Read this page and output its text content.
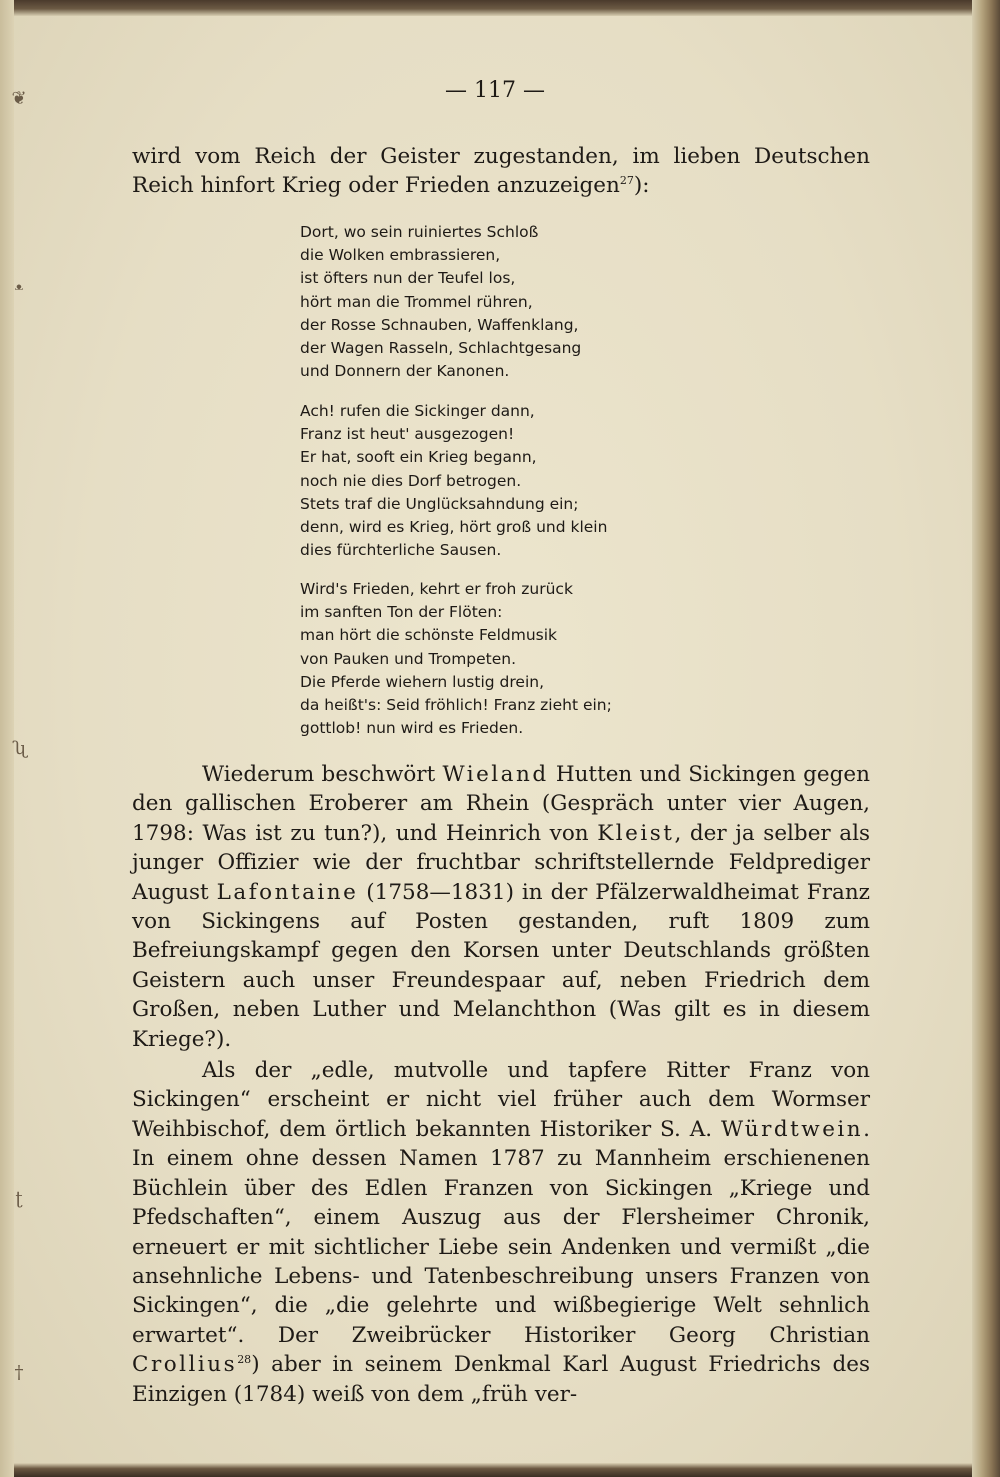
❦
ᵜ
ʯ
ʈ
†
— 117 —

wird vom Reich der Geister zugestanden, im lieben Deutschen Reich hinfort Krieg oder Frieden anzuzeigen$^{27}$):

Dort, wo sein ruiniertes Schloß
die Wolken embrassieren,
ist öfters nun der Teufel los,
hört man die Trommel rühren,
der Rosse Schnauben, Waffenklang,
der Wagen Rasseln, Schlachtgesang
und Donnern der Kanonen.
Ach! rufen die Sickinger dann,
Franz ist heut' ausgezogen!
Er hat, sooft ein Krieg begann,
noch nie dies Dorf betrogen.
Stets traf die Unglücksahndung ein;
denn, wird es Krieg, hört groß und klein
dies fürchterliche Sausen.
Wird's Frieden, kehrt er froh zurück
im sanften Ton der Flöten:
man hört die schönste Feldmusik
von Pauken und Trompeten.
Die Pferde wiehern lustig drein,
da heißt's: Seid fröhlich! Franz zieht ein;
gottlob! nun wird es Frieden.

Wiederum beschwört Wieland Hutten und Sickingen gegen den gallischen Eroberer am Rhein (Gespräch unter vier Augen, 1798: Was ist zu tun?), und Heinrich von Kleist, der ja selber als junger Offizier wie der fruchtbar schriftstellernde Feldprediger August Lafontaine (1758—1831) in der Pfälzerwaldheimat Franz von Sickingens auf Posten gestanden, ruft 1809 zum Befreiungskampf gegen den Korsen unter Deutschlands größten Geistern auch unser Freundespaar auf, neben Friedrich dem Großen, neben Luther und Melanchthon (Was gilt es in diesem Kriege?).

Als der „edle, mutvolle und tapfere Ritter Franz von Sickingen“ erscheint er nicht viel früher auch dem Wormser Weihbischof, dem örtlich bekannten Historiker S. A. Würdtwein. In einem ohne dessen Namen 1787 zu Mannheim erschienenen Büchlein über des Edlen Franzen von Sickingen „Kriege und Pfedschaften“, einem Auszug aus der Flersheimer Chronik, erneuert er mit sichtlicher Liebe sein Andenken und vermißt „die ansehnliche Lebens- und Tatenbeschreibung unsers Franzen von Sickingen“, die „die gelehrte und wißbegierige Welt sehnlich erwartet“. Der Zweibrücker Historiker Georg Christian Crollius$^{28}$) aber in seinem Denkmal Karl August Friedrichs des Einzigen (1784) weiß von dem „früh ver-
